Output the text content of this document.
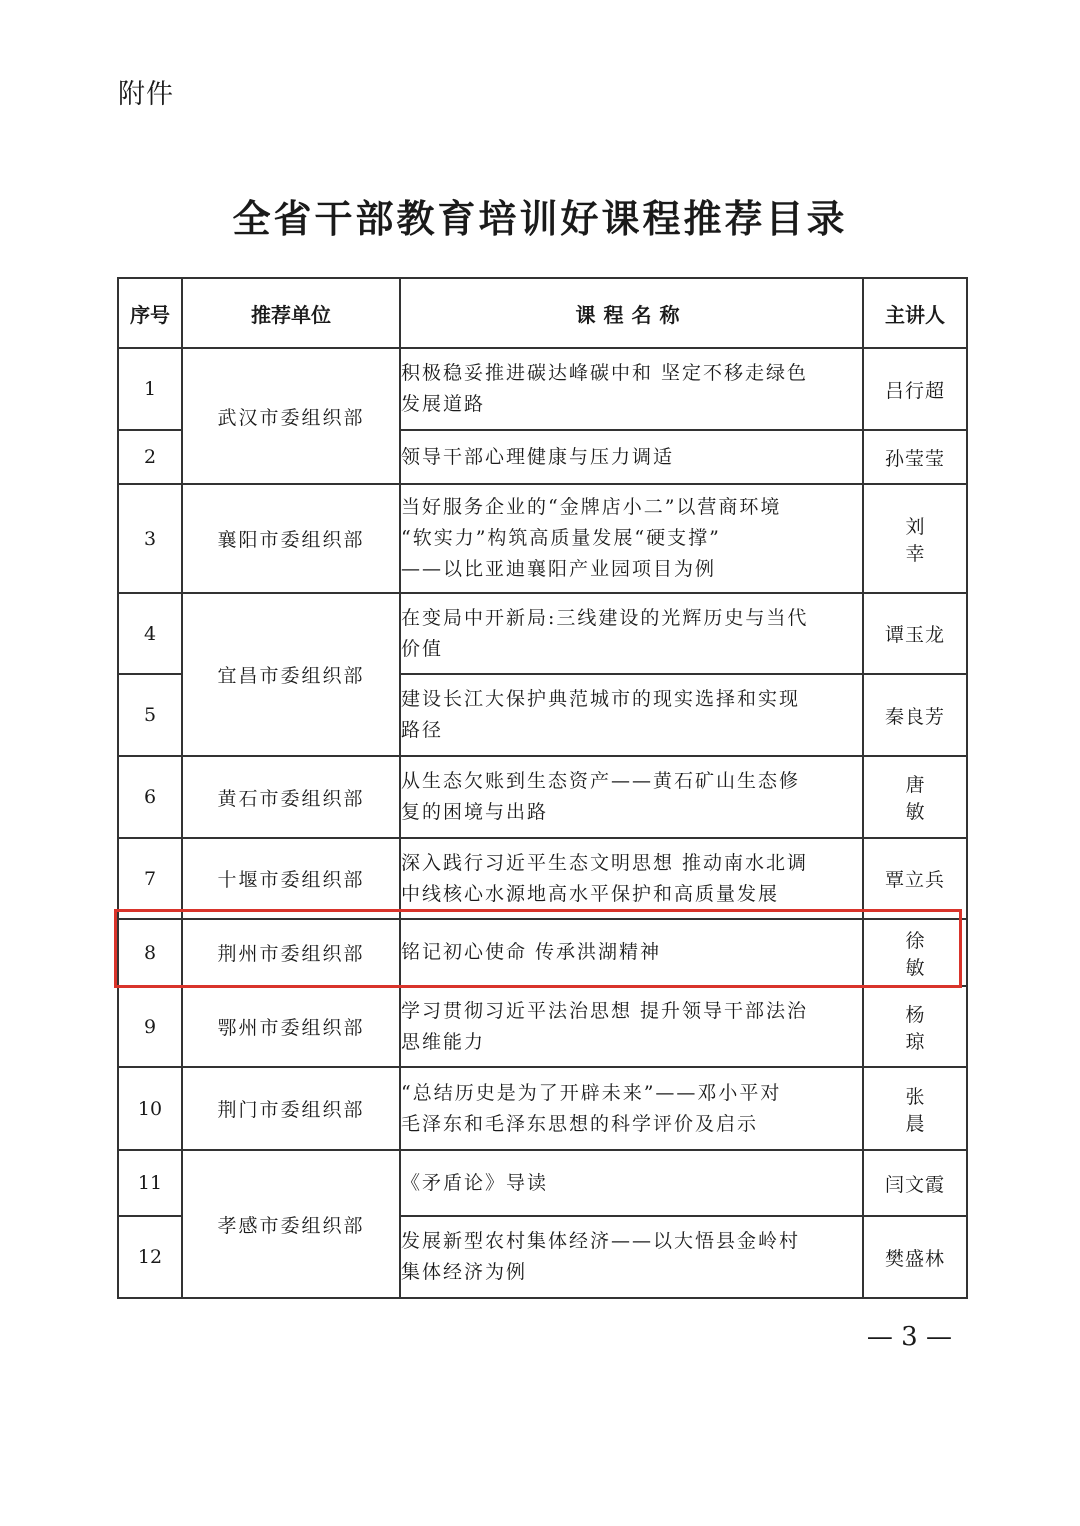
附件
全省干部教育培训好课程推荐目录
序号	推荐单位	课程名称	主讲人
1	武汉市委组织部	积极稳妥推进碳达峰碳中和 坚定不移走绿色
发展道路	吕行超
2		领导干部心理健康与压力调适	孙莹莹
3	襄阳市委组织部	当好服务企业的“金牌店小二”以营商环境
“软实力”构筑高质量发展“硬支撑”
——以比亚迪襄阳产业园项目为例	刘 幸
4	宜昌市委组织部	在变局中开新局:三线建设的光辉历史与当代
价值	谭玉龙
5		建设长江大保护典范城市的现实选择和实现
路径	秦良芳
6	黄石市委组织部	从生态欠账到生态资产——黄石矿山生态修
复的困境与出路	唐 敏
7	十堰市委组织部	深入践行习近平生态文明思想 推动南水北调
中线核心水源地高水平保护和高质量发展	覃立兵
8	荆州市委组织部	铭记初心使命 传承洪湖精神	徐 敏
9	鄂州市委组织部	学习贯彻习近平法治思想 提升领导干部法治
思维能力	杨 琼
10	荆门市委组织部	“总结历史是为了开辟未来”——邓小平对
毛泽东和毛泽东思想的科学评价及启示	张 晨
11	孝感市委组织部	《矛盾论》导读	闫文霞
12		发展新型农村集体经济——以大悟县金岭村
集体经济为例	樊盛林
— 3 —
